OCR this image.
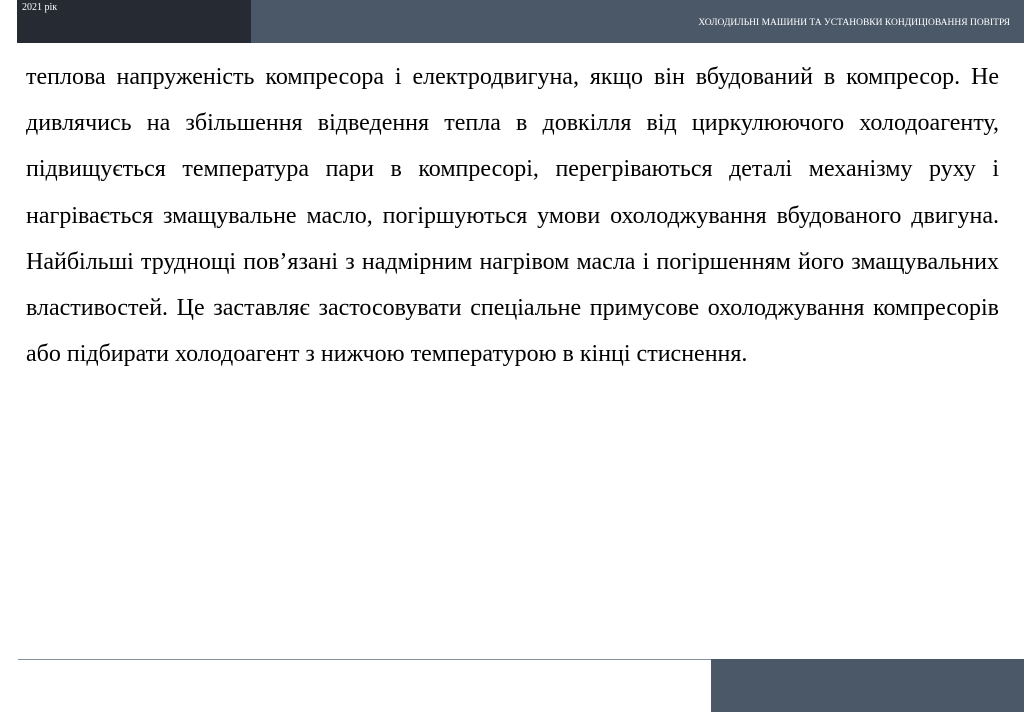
2021 рік
ХОЛОДИЛЬНІ МАШИНИ ТА УСТАНОВКИ КОНДИЦІОВАННЯ ПОВІТРЯ

теплова напруженість компресора і електродвигуна, якщо він вбудований в компресор. Не дивлячись на збільшення відведення тепла в довкілля від циркулюючого холодоагенту, підвищується температура пари в компресорі, перегріваються деталі механізму руху і нагрівається змащувальне масло, погіршуються умови охолоджування вбудованого двигуна. Найбільші труднощі пов’язані з надмірним нагрівом масла і погіршенням його змащувальних властивостей. Це заставляє застосовувати спеціальне примусове охолоджування компресорів або підбирати холодоагент з нижчою температурою в кінці стиснення.
